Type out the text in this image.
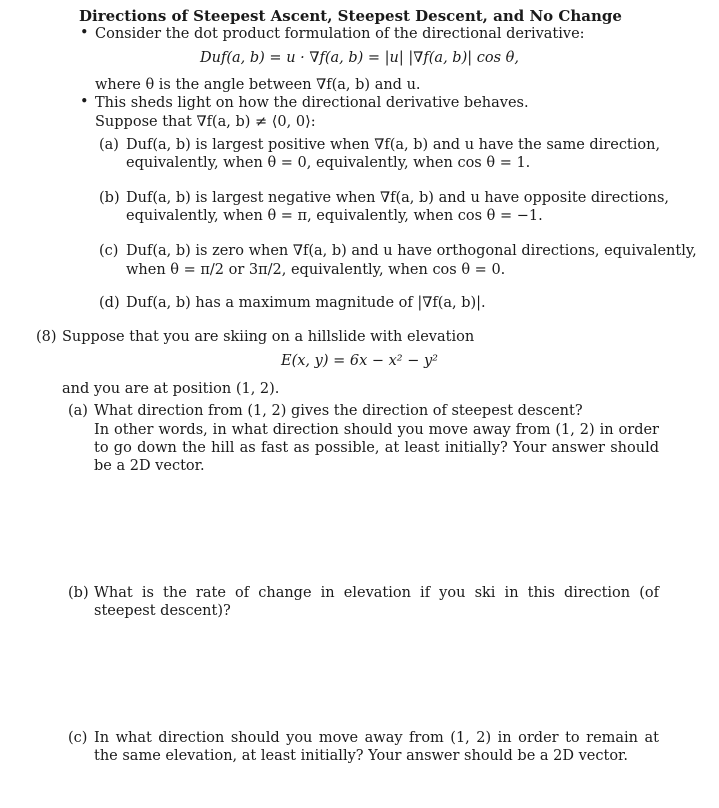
Directions of Steepest Ascent, Steepest Descent, and No Change
• Consider the dot product formulation of the directional derivative:
Duf(a, b) = u · ∇f(a, b) = |u| |∇f(a, b)| cos θ,
where θ is the angle between ∇f(a, b) and u.
• This sheds light on how the directional derivative behaves.
Suppose that ∇f(a, b) ≠ ⟨0, 0⟩:
(a) Duf(a, b) is largest positive when ∇f(a, b) and u have the same direction,
equivalently, when θ = 0, equivalently, when cos θ = 1.
(b) Duf(a, b) is largest negative when ∇f(a, b) and u have opposite directions,
equivalently, when θ = π, equivalently, when cos θ = −1.
(c) Duf(a, b) is zero when ∇f(a, b) and u have orthogonal directions, equivalently,
when θ = π/2 or 3π/2, equivalently, when cos θ = 0.
(d) Duf(a, b) has a maximum magnitude of |∇f(a, b)|.
(8) Suppose that you are skiing on a hillslide with elevation
E(x, y) = 6x − x² − y²
and you are at position (1, 2).
(a) What direction from (1, 2) gives the direction of steepest descent?
In other words, in what direction should you move away from (1, 2) in order to go down the hill as fast as possible, at least initially? Your answer should be a 2D vector.
(b) What is the rate of change in elevation if you ski in this direction (of steepest descent)?
(c) In what direction should you move away from (1, 2) in order to remain at the same elevation, at least initially? Your answer should be a 2D vector.
